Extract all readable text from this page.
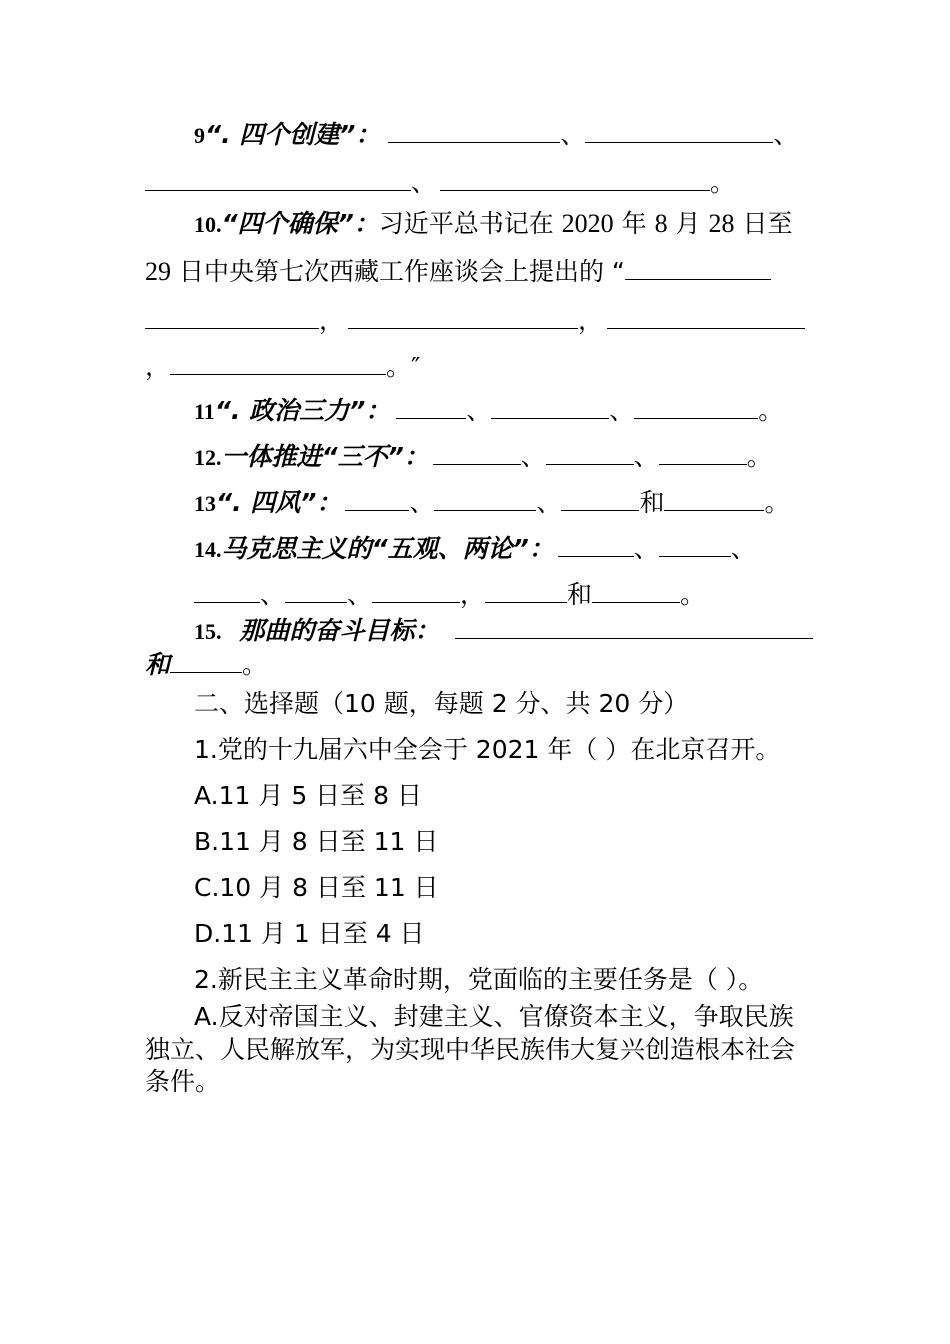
9“. 四个创建”：	、	、
、	。
10.“四个确保”：习近平总书记在 2020 年 8 月 28 日至
29 日中央第七次西藏工作座谈会上提出的 “
，	，
，	。″
11“. 政治三力”：	、	、	。
12.一体推进“三不”：	、	、	。
13“. 四风”：	、	、	和	。
14.马克思主义的“五观、两论”：	、	、
、 、	，	和	。
15. 那曲的奋斗目标：
和	。
二、选择题（10 题，每题 2 分、共 20 分）
1.党的十九届六中全会于 2021 年（ ）在北京召开。
A.11 月 5 日至 8 日
B.11 月 8 日至 11 日
C.10 月 8 日至 11 日
D.11 月 1 日至 4 日
2.新民主主义革命时期，党面临的主要任务是（ ）。
A.反对帝国主义、封建主义、官僚资本主义，争取民族
独立、人民解放军，为实现中华民族伟大复兴创造根本社会
条件。
